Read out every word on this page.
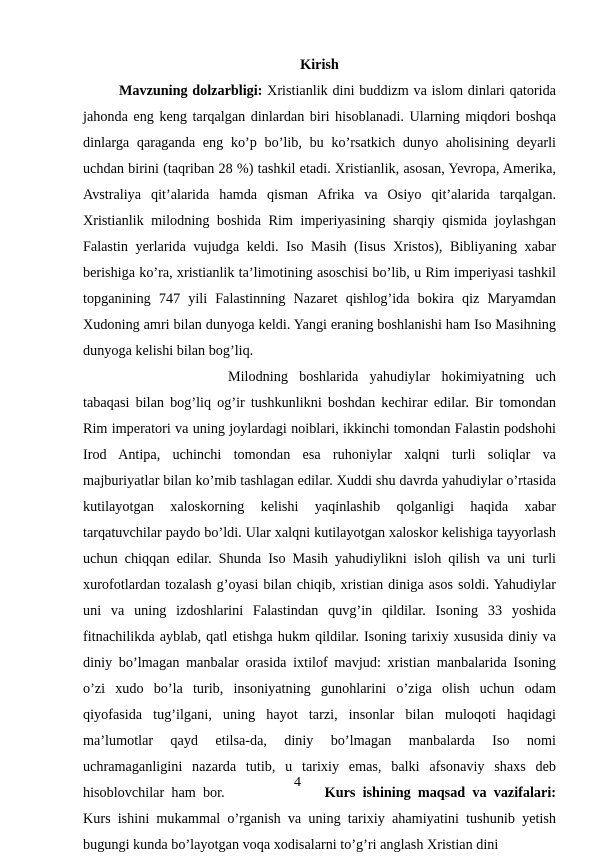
Kirish

Mavzuning dolzarbligi: Xristianlik dini buddizm va islom dinlari qatorida jahonda eng keng tarqalgan dinlardan biri hisoblanadi. Ularning miqdori boshqa dinlarga qaraganda eng ko’p bo’lib, bu ko’rsatkich dunyo aholisining deyarli uchdan birini (taqriban 28 %) tashkil etadi. Xristianlik, asosan, Yevropa, Amerika, Avstraliya qit’alarida hamda qisman Afrika va Osiyo qit’alarida tarqalgan. Xristianlik milodning boshida Rim imperiyasining sharqiy qismida joylashgan Falastin yerlarida vujudga keldi. Iso Masih (Iisus Xristos), Bibliyaning xabar berishiga ko’ra, xristianlik ta’limotining asoschisi bo’lib, u Rim imperiyasi tashkil topganining 747 yili Falastinning Nazaret qishlog’ida bokira qiz Maryamdan Xudoning amri bilan dunyoga keldi. Yangi eraning boshlanishi ham Iso Masihning dunyoga kelishi bilan bog’liq.

Milodning boshlarida yahudiylar hokimiyatning uch tabaqasi bilan bog’liq og’ir tushkunlikni boshdan kechirar edilar. Bir tomondan Rim imperatori va uning joylardagi noiblari, ikkinchi tomondan Falastin podshohi Irod Antipa, uchinchi tomondan esa ruhoniylar xalqni turli soliqlar va majburiyatlar bilan ko’mib tashlagan edilar. Xuddi shu davrda yahudiylar o’rtasida kutilayotgan xaloskorning kelishi yaqinlashib qolganligi haqida xabar tarqatuvchilar paydo bo’ldi. Ular xalqni kutilayotgan xaloskor kelishiga tayyorlash uchun chiqqan edilar. Shunda Iso Masih yahudiylikni isloh qilish va uni turli xurofotlardan tozalash g’oyasi bilan chiqib, xristian diniga asos soldi. Yahudiylar uni va uning izdoshlarini Falastindan quvg’in qildilar. Isoning 33 yoshida fitnachilikda ayblab, qatl etishga hukm qildilar. Isoning tarixiy xususida diniy va diniy bo’lmagan manbalar orasida ixtilof mavjud: xristian manbalarida Isoning o’zi xudo bo’la turib, insoniyatning gunohlarini o’ziga olish uchun odam qiyofasida tug’ilgani, uning hayot tarzi, insonlar bilan muloqoti haqidagi ma’lumotlar qayd etilsa-da, diniy bo’lmagan manbalarda Iso nomi uchramaganligini nazarda tutib, u tarixiy emas, balki afsonaviy shaxs deb hisoblovchilar ham bor.	Kurs ishining maqsad va vazifalari: Kurs ishini mukammal o’rganish va uning tarixiy ahamiyatini tushunib yetish bugungi kunda bo’layotgan voqa xodisalarni to’g’ri anglash Xristian dini

4
